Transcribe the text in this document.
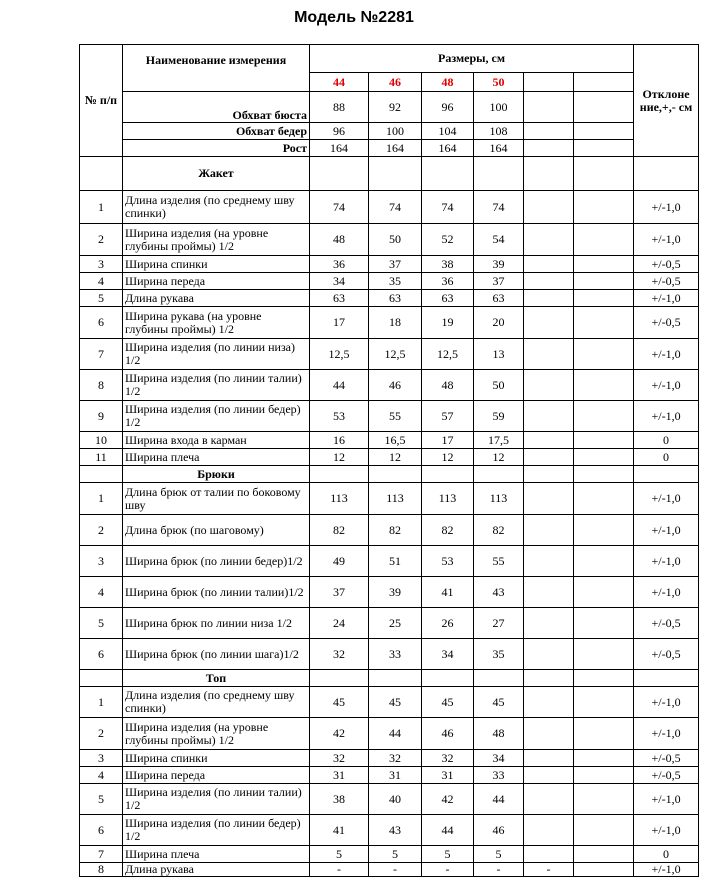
Модель №2281
№ п/п	Наименование измерения	Размеры, см						Отклоне ние,+,- см
		44	46	48	50			
	Обхват бюста	88	92	96	100			
	Обхват бедер	96	100	104	108			
	Рост	164	164	164	164			
	Жакет							
1	Длина изделия (по среднему шву спинки)	74	74	74	74			+/-1,0
2	Ширина изделия (на уровне глубины проймы) 1/2	48	50	52	54			+/-1,0
3	Ширина спинки	36	37	38	39			+/-0,5
4	Ширина переда	34	35	36	37			+/-0,5
5	Длина рукава	63	63	63	63			+/-1,0
6	Ширина рукава (на уровне глубины проймы) 1/2	17	18	19	20			+/-0,5
7	Ширина изделия (по линии низа) 1/2	12,5	12,5	12,5	13			+/-1,0
8	Ширина изделия (по линии талии) 1/2	44	46	48	50			+/-1,0
9	Ширина изделия (по линии бедер) 1/2	53	55	57	59			+/-1,0
10	Ширина входа в карман	16	16,5	17	17,5			0
11	Ширина плеча	12	12	12	12			0
	Брюки							
1	Длина брюк от талии по боковому шву	113	113	113	113			+/-1,0
2	Длина брюк (по шаговому)	82	82	82	82			+/-1,0
3	Ширина брюк (по линии бедер)1/2	49	51	53	55			+/-1,0
4	Ширина брюк (по линии талии)1/2	37	39	41	43			+/-1,0
5	Ширина брюк по линии низа 1/2	24	25	26	27			+/-0,5
6	Ширина брюк (по линии шага)1/2	32	33	34	35			+/-0,5
	Топ							
1	Длина изделия (по среднему шву спинки)	45	45	45	45			+/-1,0
2	Ширина изделия (на уровне глубины проймы) 1/2	42	44	46	48			+/-1,0
3	Ширина спинки	32	32	32	34			+/-0,5
4	Ширина переда	31	31	31	33			+/-0,5
5	Ширина изделия (по линии талии) 1/2	38	40	42	44			+/-1,0
6	Ширина изделия (по линии бедер) 1/2	41	43	44	46			+/-1,0
7	Ширина плеча	5	5	5	5			0
8	Длина рукава	-	-	-	-	-		+/-1,0
